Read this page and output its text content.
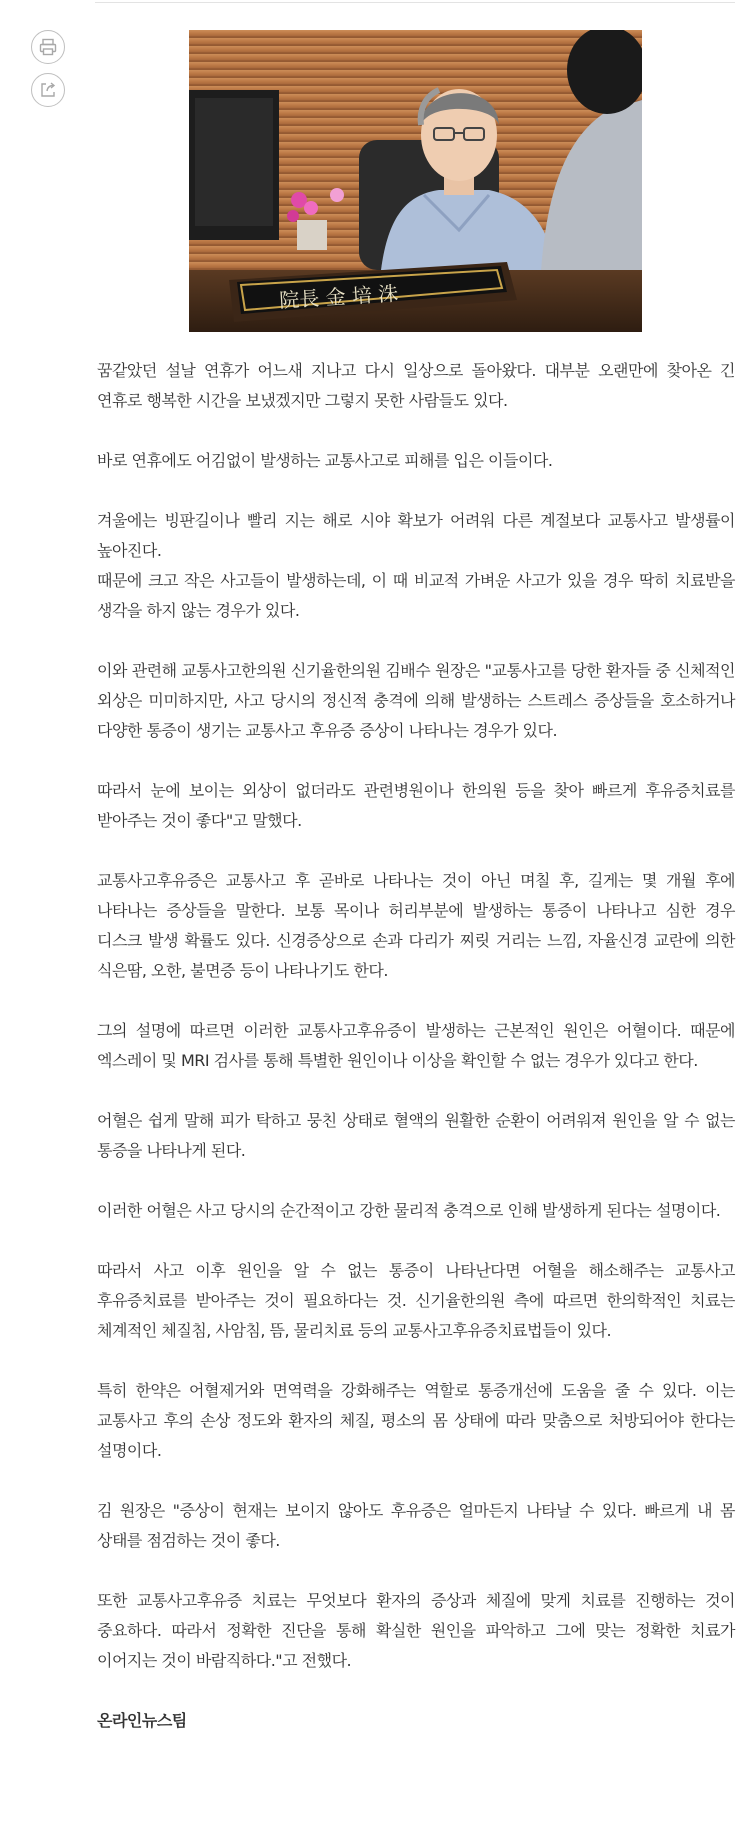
院長 金 培 洙

꿈같았던 설날 연휴가 어느새 지나고 다시 일상으로 돌아왔다. 대부분 오랜만에 찾아온 긴 연휴로 행복한 시간을 보냈겠지만 그렇지 못한 사람들도 있다.

바로 연휴에도 어김없이 발생하는 교통사고로 피해를 입은 이들이다.

겨울에는 빙판길이나 빨리 지는 해로 시야 확보가 어려워 다른 계절보다 교통사고 발생률이 높아진다.

때문에 크고 작은 사고들이 발생하는데, 이 때 비교적 가벼운 사고가 있을 경우 딱히 치료받을 생각을 하지 않는 경우가 있다.

이와 관련해 교통사고한의원 신기율한의원 김배수 원장은 "교통사고를 당한 환자들 중 신체적인 외상은 미미하지만, 사고 당시의 정신적 충격에 의해 발생하는 스트레스 증상들을 호소하거나 다양한 통증이 생기는 교통사고 후유증 증상이 나타나는 경우가 있다.

따라서 눈에 보이는 외상이 없더라도 관련병원이나 한의원 등을 찾아 빠르게 후유증치료를 받아주는 것이 좋다"고 말했다.

교통사고후유증은 교통사고 후 곧바로 나타나는 것이 아닌 며칠 후, 길게는 몇 개월 후에 나타나는 증상들을 말한다. 보통 목이나 허리부분에 발생하는 통증이 나타나고 심한 경우 디스크 발생 확률도 있다. 신경증상으로 손과 다리가 찌릿 거리는 느낌, 자율신경 교란에 의한 식은땀, 오한, 불면증 등이 나타나기도 한다.

그의 설명에 따르면 이러한 교통사고후유증이 발생하는 근본적인 원인은 어혈이다. 때문에 엑스레이 및 MRI 검사를 통해 특별한 원인이나 이상을 확인할 수 없는 경우가 있다고 한다.

어혈은 쉽게 말해 피가 탁하고 뭉친 상태로 혈액의 원활한 순환이 어려워져 원인을 알 수 없는 통증을 나타나게 된다.

이러한 어혈은 사고 당시의 순간적이고 강한 물리적 충격으로 인해 발생하게 된다는 설명이다.

따라서 사고 이후 원인을 알 수 없는 통증이 나타난다면 어혈을 해소해주는 교통사고 후유증치료를 받아주는 것이 필요하다는 것. 신기율한의원 측에 따르면 한의학적인 치료는 체계적인 체질침, 사암침, 뜸, 물리치료 등의 교통사고후유증치료법들이 있다.

특히 한약은 어혈제거와 면역력을 강화해주는 역할로 통증개선에 도움을 줄 수 있다. 이는 교통사고 후의 손상 정도와 환자의 체질, 평소의 몸 상태에 따라 맞춤으로 처방되어야 한다는 설명이다.

김 원장은 "증상이 현재는 보이지 않아도 후유증은 얼마든지 나타날 수 있다. 빠르게 내 몸 상태를 점검하는 것이 좋다.

또한 교통사고후유증 치료는 무엇보다 환자의 증상과 체질에 맞게 치료를 진행하는 것이 중요하다. 따라서 정확한 진단을 통해 확실한 원인을 파악하고 그에 맞는 정확한 치료가 이어지는 것이 바람직하다."고 전했다.

온라인뉴스팀
